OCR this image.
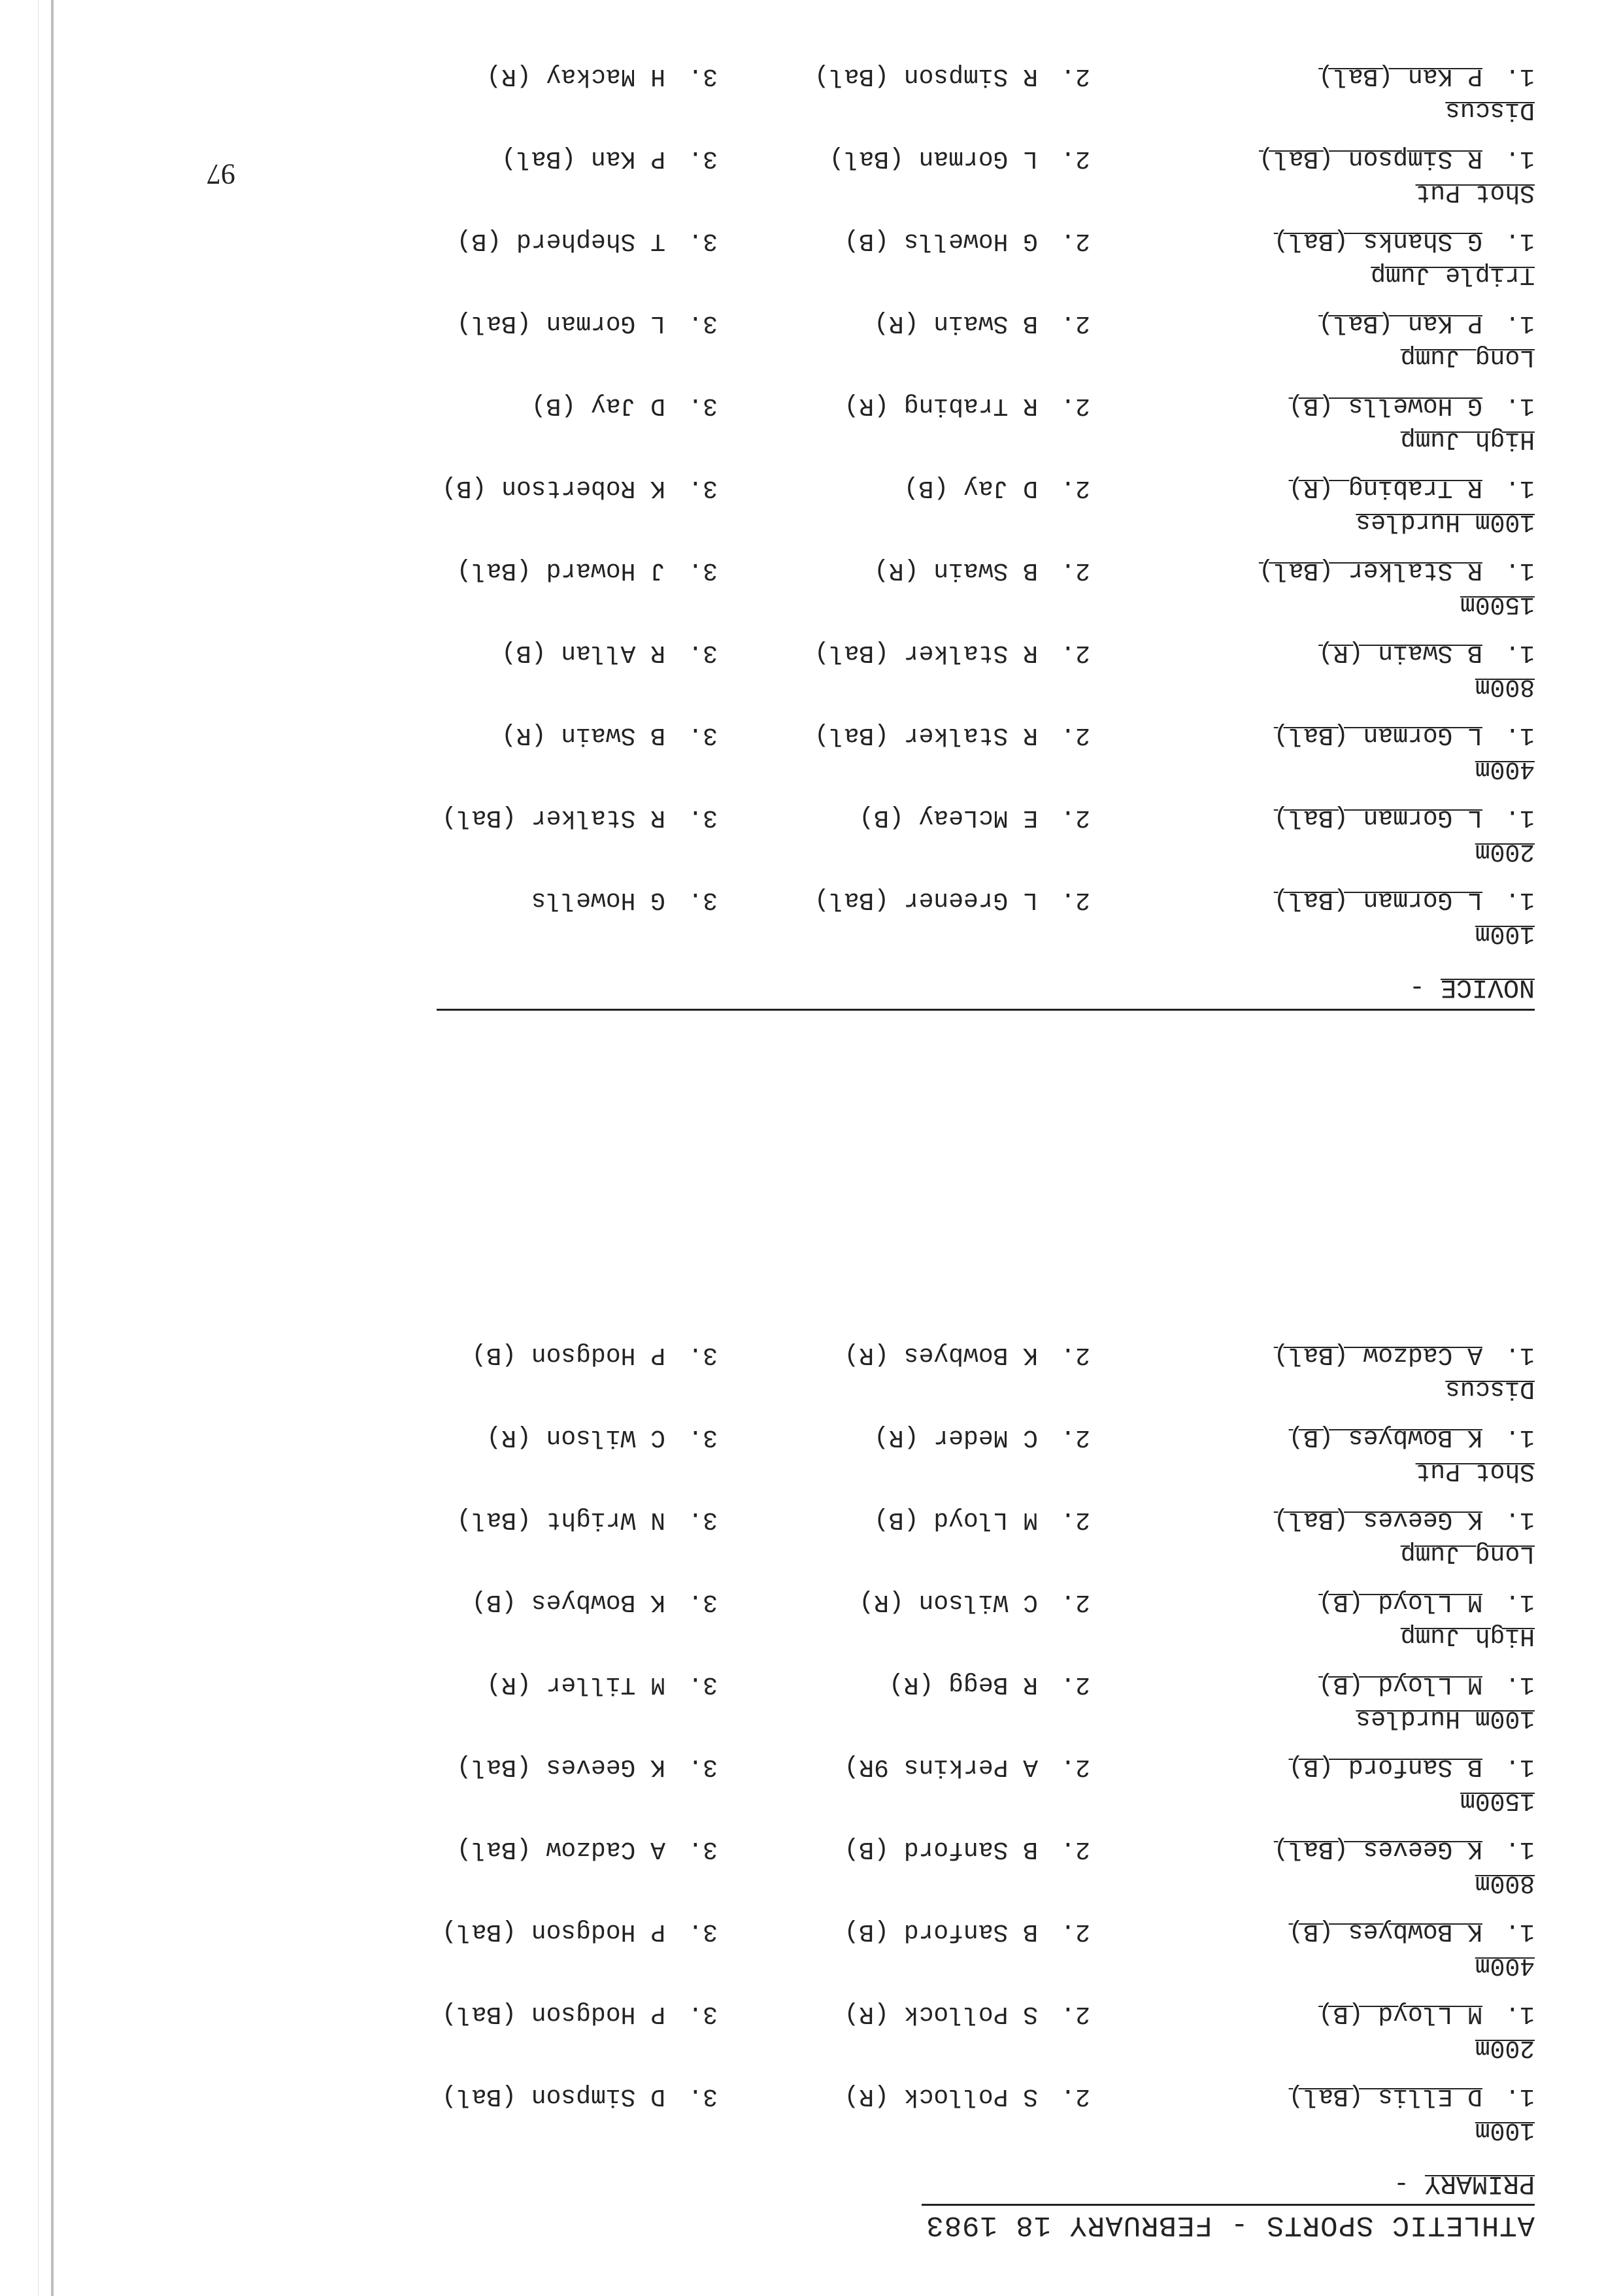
97
ATHLETIC SPORTS - FEBRUARY 18 1983
PRIMARY-
100m
1.D Ellis (Bal)
2.S Pollock (R)
3.D Simpson (Bal)
200m
1.M Lloyd (B)
2.S Pollock (R)
3.P Hodgson (Bal)
400m
1.K Bowbyes (B)
2.B Sanford (B)
3.P Hodgson (Bal)
800m
1.K Geeves (Bal)
2.B Sanford (B)
3.A Cadzow (Bal)
1500m
1.B Sanford (B)
2.A Perkins 9R)
3.K Geeves (Bal)
100m Hurdles
1.M Lloyd (B)
2.R Begg (R)
3.M Tiller (R)
High Jump
1.M Lloyd (B)
2.C Wilson (R)
3.K Bowbyes (B)
Long Jump
1.K Geeves (Bal)
2.M Lloyd (B)
3.N Wright (Bal)
Shot Put
1.K Bowbyes (B)
2.C Meder (R)
3.C Wilson (R)
Discus
1.A Cadzow (Bal)
2.K Bowbyes (R)
3.P Hodgson (B)
NOVICE-
100m
1.L Gorman (Bal)
2.L Greener (Bal)
3.G Howells
200m
1.L Gorman (Bal)
2.E McLeay (B)
3.R Stalker (Bal)
400m
1.L Gorman (Bal)
2.R Stalker (Bal)
3.B Swain (R)
800m
1.B Swain (R)
2.R Stalker (Bal)
3.R Allan (B)
1500m
1.R Stalker (Bal)
2.B Swain (R)
3.J Howard (Bal)
100m Hurdles
1.R Trabing (R)
2.D Jay (B)
3.K Robertson (B)
High Jump
1.G Howells (B)
2.R Trabing (R)
3.D Jay (B)
Long Jump
1.P Kan (Bal)
2.B Swain (R)
3.L Gorman (Bal)
Triple Jump
1.G Shanks (Bal)
2.G Howells (B)
3.T Shepherd (B)
Shot Put
1.R Simpson (Bal)
2.L Gorman (Bal)
3.P Kan (Bal)
Discus
1.P Kan (Bal)
2.R Simpson (Bal)
3.H Mackay (R)
